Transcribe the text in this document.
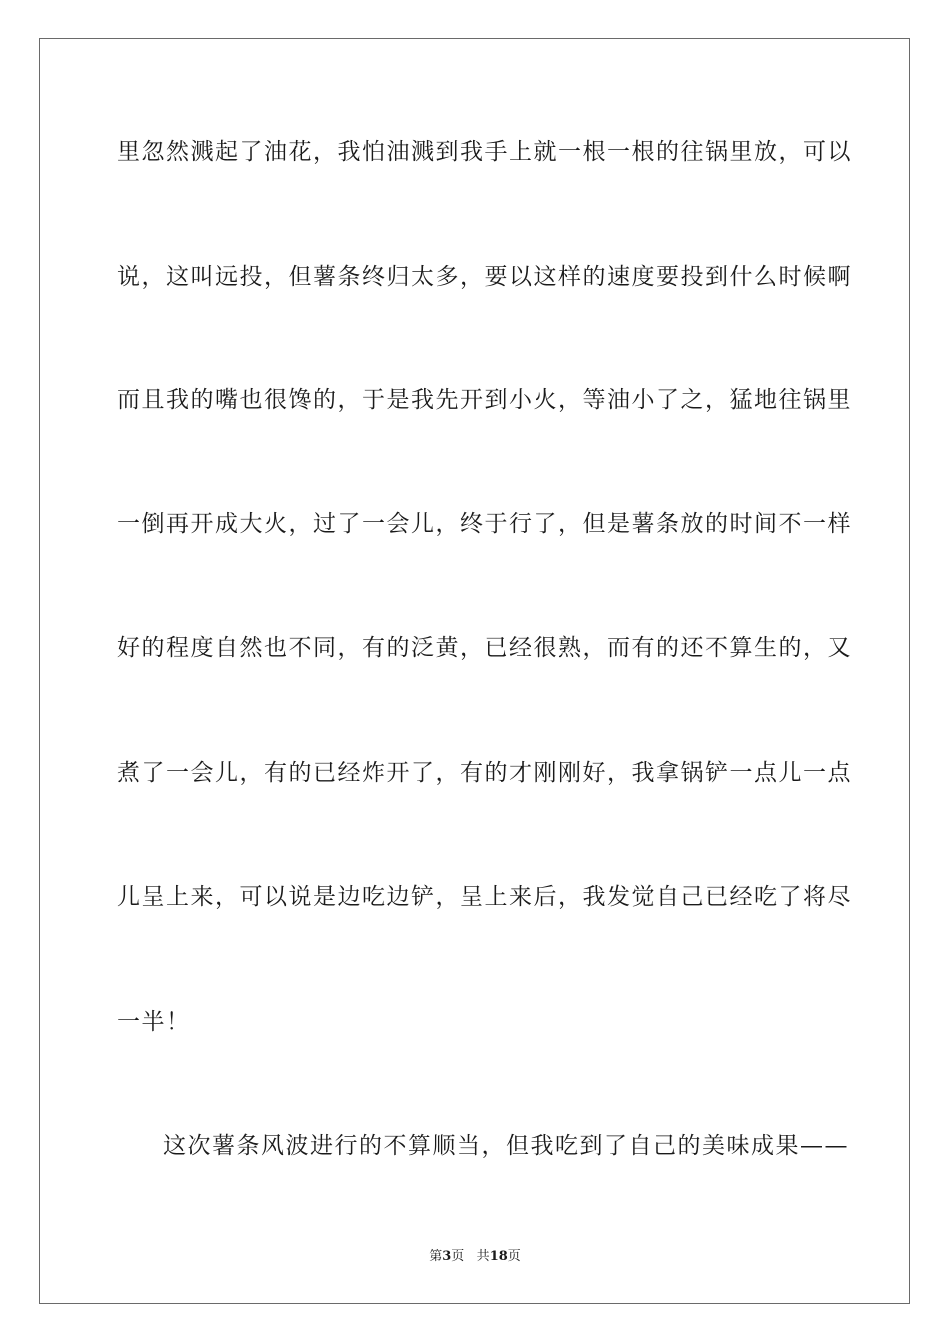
里忽然溅起了油花，我怕油溅到我手上就一根一根的往锅里放，可以
说，这叫远投，但薯条终归太多，要以这样的速度要投到什么时候啊
而且我的嘴也很馋的，于是我先开到小火，等油小了之，猛地往锅里
一倒再开成大火，过了一会儿，终于行了，但是薯条放的时间不一样
好的程度自然也不同，有的泛黄，已经很熟，而有的还不算生的，又
煮了一会儿，有的已经炸开了，有的才刚刚好，我拿锅铲一点儿一点
儿呈上来，可以说是边吃边铲，呈上来后，我发觉自己已经吃了将尽
一半！
这次薯条风波进行的不算顺当，但我吃到了自己的美味成果——
第3页 共18页
